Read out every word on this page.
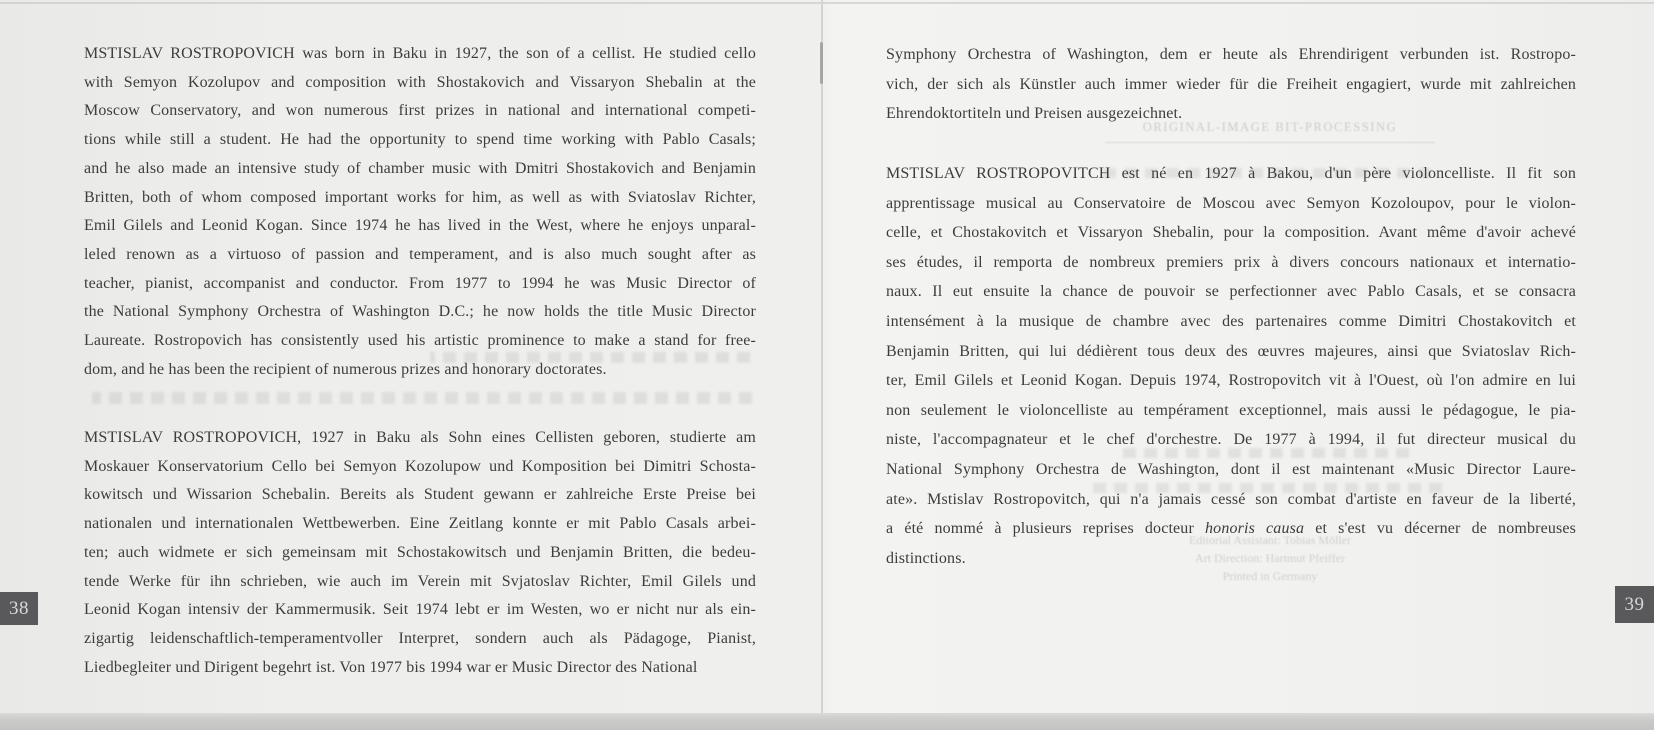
MSTISLAV ROSTROPOVICH was born in Baku in 1927, the son of a cellist. He studied cello
with Semyon Kozolupov and composition with Shostakovich and Vissaryon Shebalin at the
Moscow Conservatory, and won numerous first prizes in national and international competi-
tions while still a student. He had the opportunity to spend time working with Pablo Casals;
and he also made an intensive study of chamber music with Dmitri Shostakovich and Benjamin
Britten, both of whom composed important works for him, as well as with Sviatoslav Richter,
Emil Gilels and Leonid Kogan. Since 1974 he has lived in the West, where he enjoys unparal-
leled renown as a virtuoso of passion and temperament, and is also much sought after as
teacher, pianist, accompanist and conductor. From 1977 to 1994 he was Music Director of
the National Symphony Orchestra of Washington D.C.; he now holds the title Music Director
Laureate. Rostropovich has consistently used his artistic prominence to make a stand for free-
dom, and he has been the recipient of numerous prizes and honorary doctorates.
MSTISLAV ROSTROPOVICH, 1927 in Baku als Sohn eines Cellisten geboren, studierte am
Moskauer Konservatorium Cello bei Semyon Kozolupow und Komposition bei Dimitri Schosta-
kowitsch und Wissarion Schebalin. Bereits als Student gewann er zahlreiche Erste Preise bei
nationalen und internationalen Wettbewerben. Eine Zeitlang konnte er mit Pablo Casals arbei-
ten; auch widmete er sich gemeinsam mit Schostakowitsch und Benjamin Britten, die bedeu-
tende Werke für ihn schrieben, wie auch im Verein mit Svjatoslav Richter, Emil Gilels und
Leonid Kogan intensiv der Kammermusik. Seit 1974 lebt er im Westen, wo er nicht nur als ein-
zigartig leidenschaftlich-temperamentvoller Interpret, sondern auch als Pädagoge, Pianist,
Liedbegleiter und Dirigent begehrt ist. Von 1977 bis 1994 war er Music Director des National
38
ORIGINAL-IMAGE BIT-PROCESSING
Symphony Orchestra of Washington, dem er heute als Ehrendirigent verbunden ist. Rostropo-
vich, der sich als Künstler auch immer wieder für die Freiheit engagiert, wurde mit zahlreichen
Ehrendoktortiteln und Preisen ausgezeichnet.
MSTISLAV ROSTROPOVITCH est né en 1927 à Bakou, d'un père violoncelliste. Il fit son
apprentissage musical au Conservatoire de Moscou avec Semyon Kozoloupov, pour le violon-
celle, et Chostakovitch et Vissaryon Shebalin, pour la composition. Avant même d'avoir achevé
ses études, il remporta de nombreux premiers prix à divers concours nationaux et internatio-
naux. Il eut ensuite la chance de pouvoir se perfectionner avec Pablo Casals, et se consacra
intensément à la musique de chambre avec des partenaires comme Dimitri Chostakovitch et
Benjamin Britten, qui lui dédièrent tous deux des œuvres majeures, ainsi que Sviatoslav Rich-
ter, Emil Gilels et Leonid Kogan. Depuis 1974, Rostropovitch vit à l'Ouest, où l'on admire en lui
non seulement le violoncelliste au tempérament exceptionnel, mais aussi le pédagogue, le pia-
niste, l'accompagnateur et le chef d'orchestre. De 1977 à 1994, il fut directeur musical du
National Symphony Orchestra de Washington, dont il est maintenant «Music Director Laure-
ate». Mstislav Rostropovitch, qui n'a jamais cessé son combat d'artiste en faveur de la liberté,
a été nommé à plusieurs reprises docteur honoris causa et s'est vu décerner de nombreuses
distinctions.
Editorial Assistant: Tobias Möller
Art Direction: Hartmut Pfeiffer
Printed in Germany
39
